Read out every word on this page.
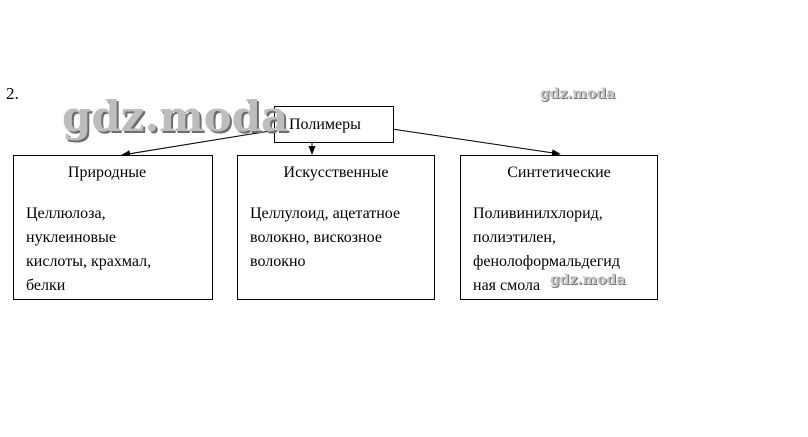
2.
Полимеры
Природные
Целлюлоза,
нуклеиновые
кислоты, крахмал,
белки
Искусственные
Целлулоид, ацетатное
волокно, вискозное
волокно
Синтетические
Поливинилхлорид,
полиэтилен,
фенолоформальдегид
ная смола
gdz.moda	gdz.moda
gdz.moda
